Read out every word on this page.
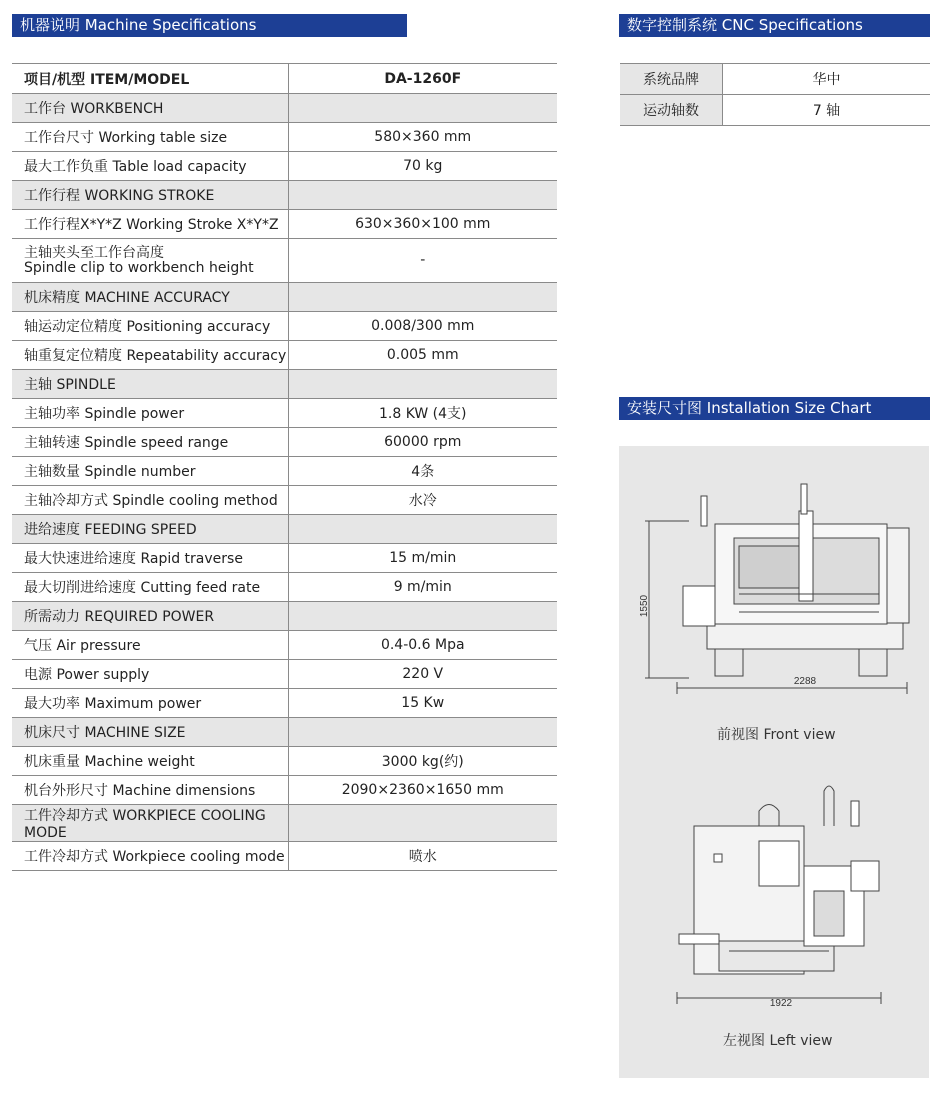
机器说明 Machine Specifications	数字控制系统 CNC Specifications
安装尺寸图 Installation Size Chart
项目/机型 ITEM/MODEL	DA-1260F
工作台 WORKBENCH	
工作台尺寸 Working table size	580×360 mm
最大工作负重 Table load capacity	70 kg
工作行程 WORKING STROKE	
工作行程X*Y*Z Working Stroke X*Y*Z	630×360×100 mm

主轴夹头至工作台高度
Spindle clip to workbench height	-
机床精度 MACHINE ACCURACY	
轴运动定位精度 Positioning accuracy	0.008/300 mm
轴重复定位精度 Repeatability accuracy	0.005 mm
主轴 SPINDLE	
主轴功率 Spindle power	1.8 KW (4支)
主轴转速 Spindle speed range	60000 rpm
主轴数量 Spindle number	4条
主轴冷却方式 Spindle cooling method	水冷
进给速度 FEEDING SPEED	
最大快速进给速度 Rapid traverse	15 m/min
最大切削进给速度 Cutting feed rate	9 m/min
所需动力 REQUIRED POWER	
气压 Air pressure	0.4-0.6 Mpa
电源 Power supply	220 V
最大功率 Maximum power	15 Kw
机床尺寸 MACHINE SIZE	
机床重量 Machine weight	3000 kg(约)
机台外形尺寸 Machine dimensions	2090×2360×1650 mm
工件冷却方式 WORKPIECE COOLING MODE	
工件冷却方式 Workpiece cooling mode	喷水
系统品牌	华中
运动轴数	7 轴
1550
2288
1922
前视图 Front view
左视图 Left view
